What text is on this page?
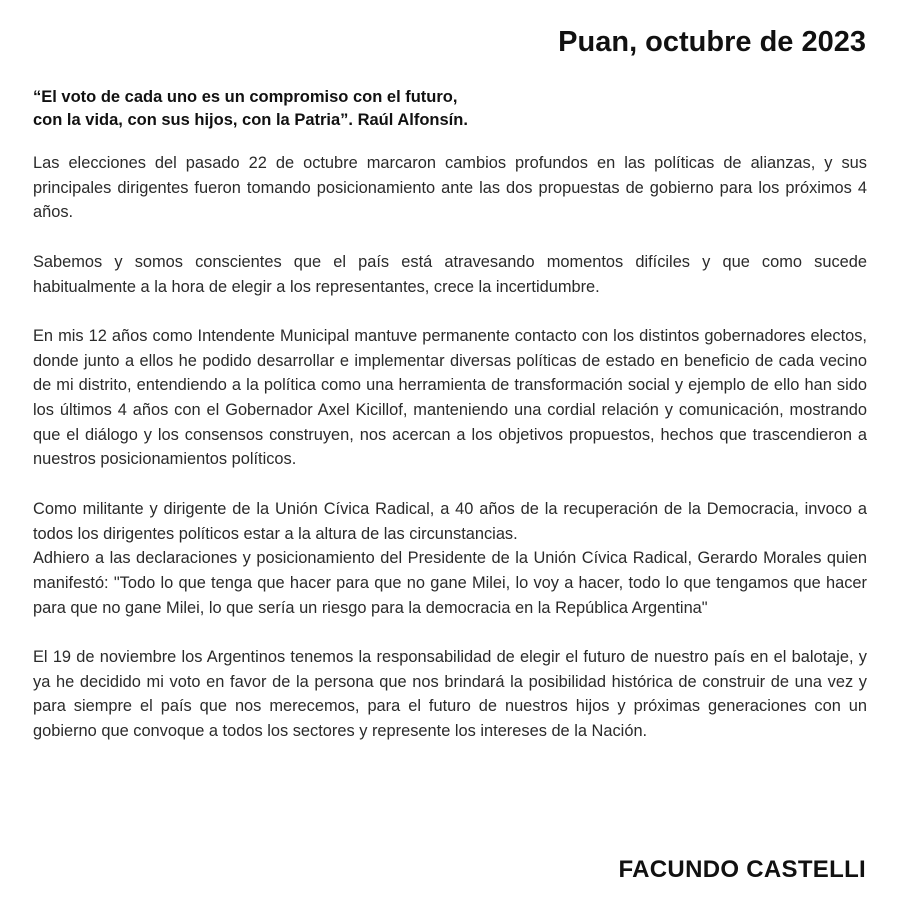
Puan, octubre de 2023
“El voto de cada uno es un compromiso con el futuro,
con la vida, con sus hijos, con la Patria”. Raúl Alfonsín.

Las elecciones del pasado 22 de octubre marcaron cambios profundos en las políticas de alianzas, y sus principales dirigentes fueron tomando posicionamiento ante las dos propuestas de gobierno para los próximos 4 años.

Sabemos y somos conscientes que el país está atravesando momentos difíciles y que como sucede habitualmente a la hora de elegir a los representantes, crece la incertidumbre.

En mis 12 años como Intendente Municipal mantuve permanente contacto con los distintos gobernadores electos, donde junto a ellos he podido desarrollar e implementar diversas políticas de estado en beneficio de cada vecino de mi distrito, entendiendo a la política como una herramienta de transformación social y ejemplo de ello han sido los últimos 4 años con el Gobernador Axel Kicillof, manteniendo una cordial relación y comunicación, mostrando que el diálogo y los consensos construyen, nos acercan a los objetivos propuestos, hechos que trascendieron a nuestros posicionamientos políticos.

Como militante y dirigente de la Unión Cívica Radical, a 40 años de la recuperación de la Democracia, invoco a todos los dirigentes políticos estar a la altura de las circunstancias.

Adhiero a las declaraciones y posicionamiento del Presidente de la Unión Cívica Radical, Gerardo Morales quien manifestó: "Todo lo que tenga que hacer para que no gane Milei, lo voy a hacer, todo lo que tengamos que hacer para que no gane Milei, lo que sería un riesgo para la democracia en la República Argentina"

El 19 de noviembre los Argentinos tenemos la responsabilidad de elegir el futuro de nuestro país en el balotaje, y ya he decidido mi voto en favor de la persona que nos brindará la posibilidad histórica de construir de una vez y para siempre el país que nos merecemos, para el futuro de nuestros hijos y próximas generaciones con un gobierno que convoque a todos los sectores y represente los intereses de la Nación.

FACUNDO CASTELLI
